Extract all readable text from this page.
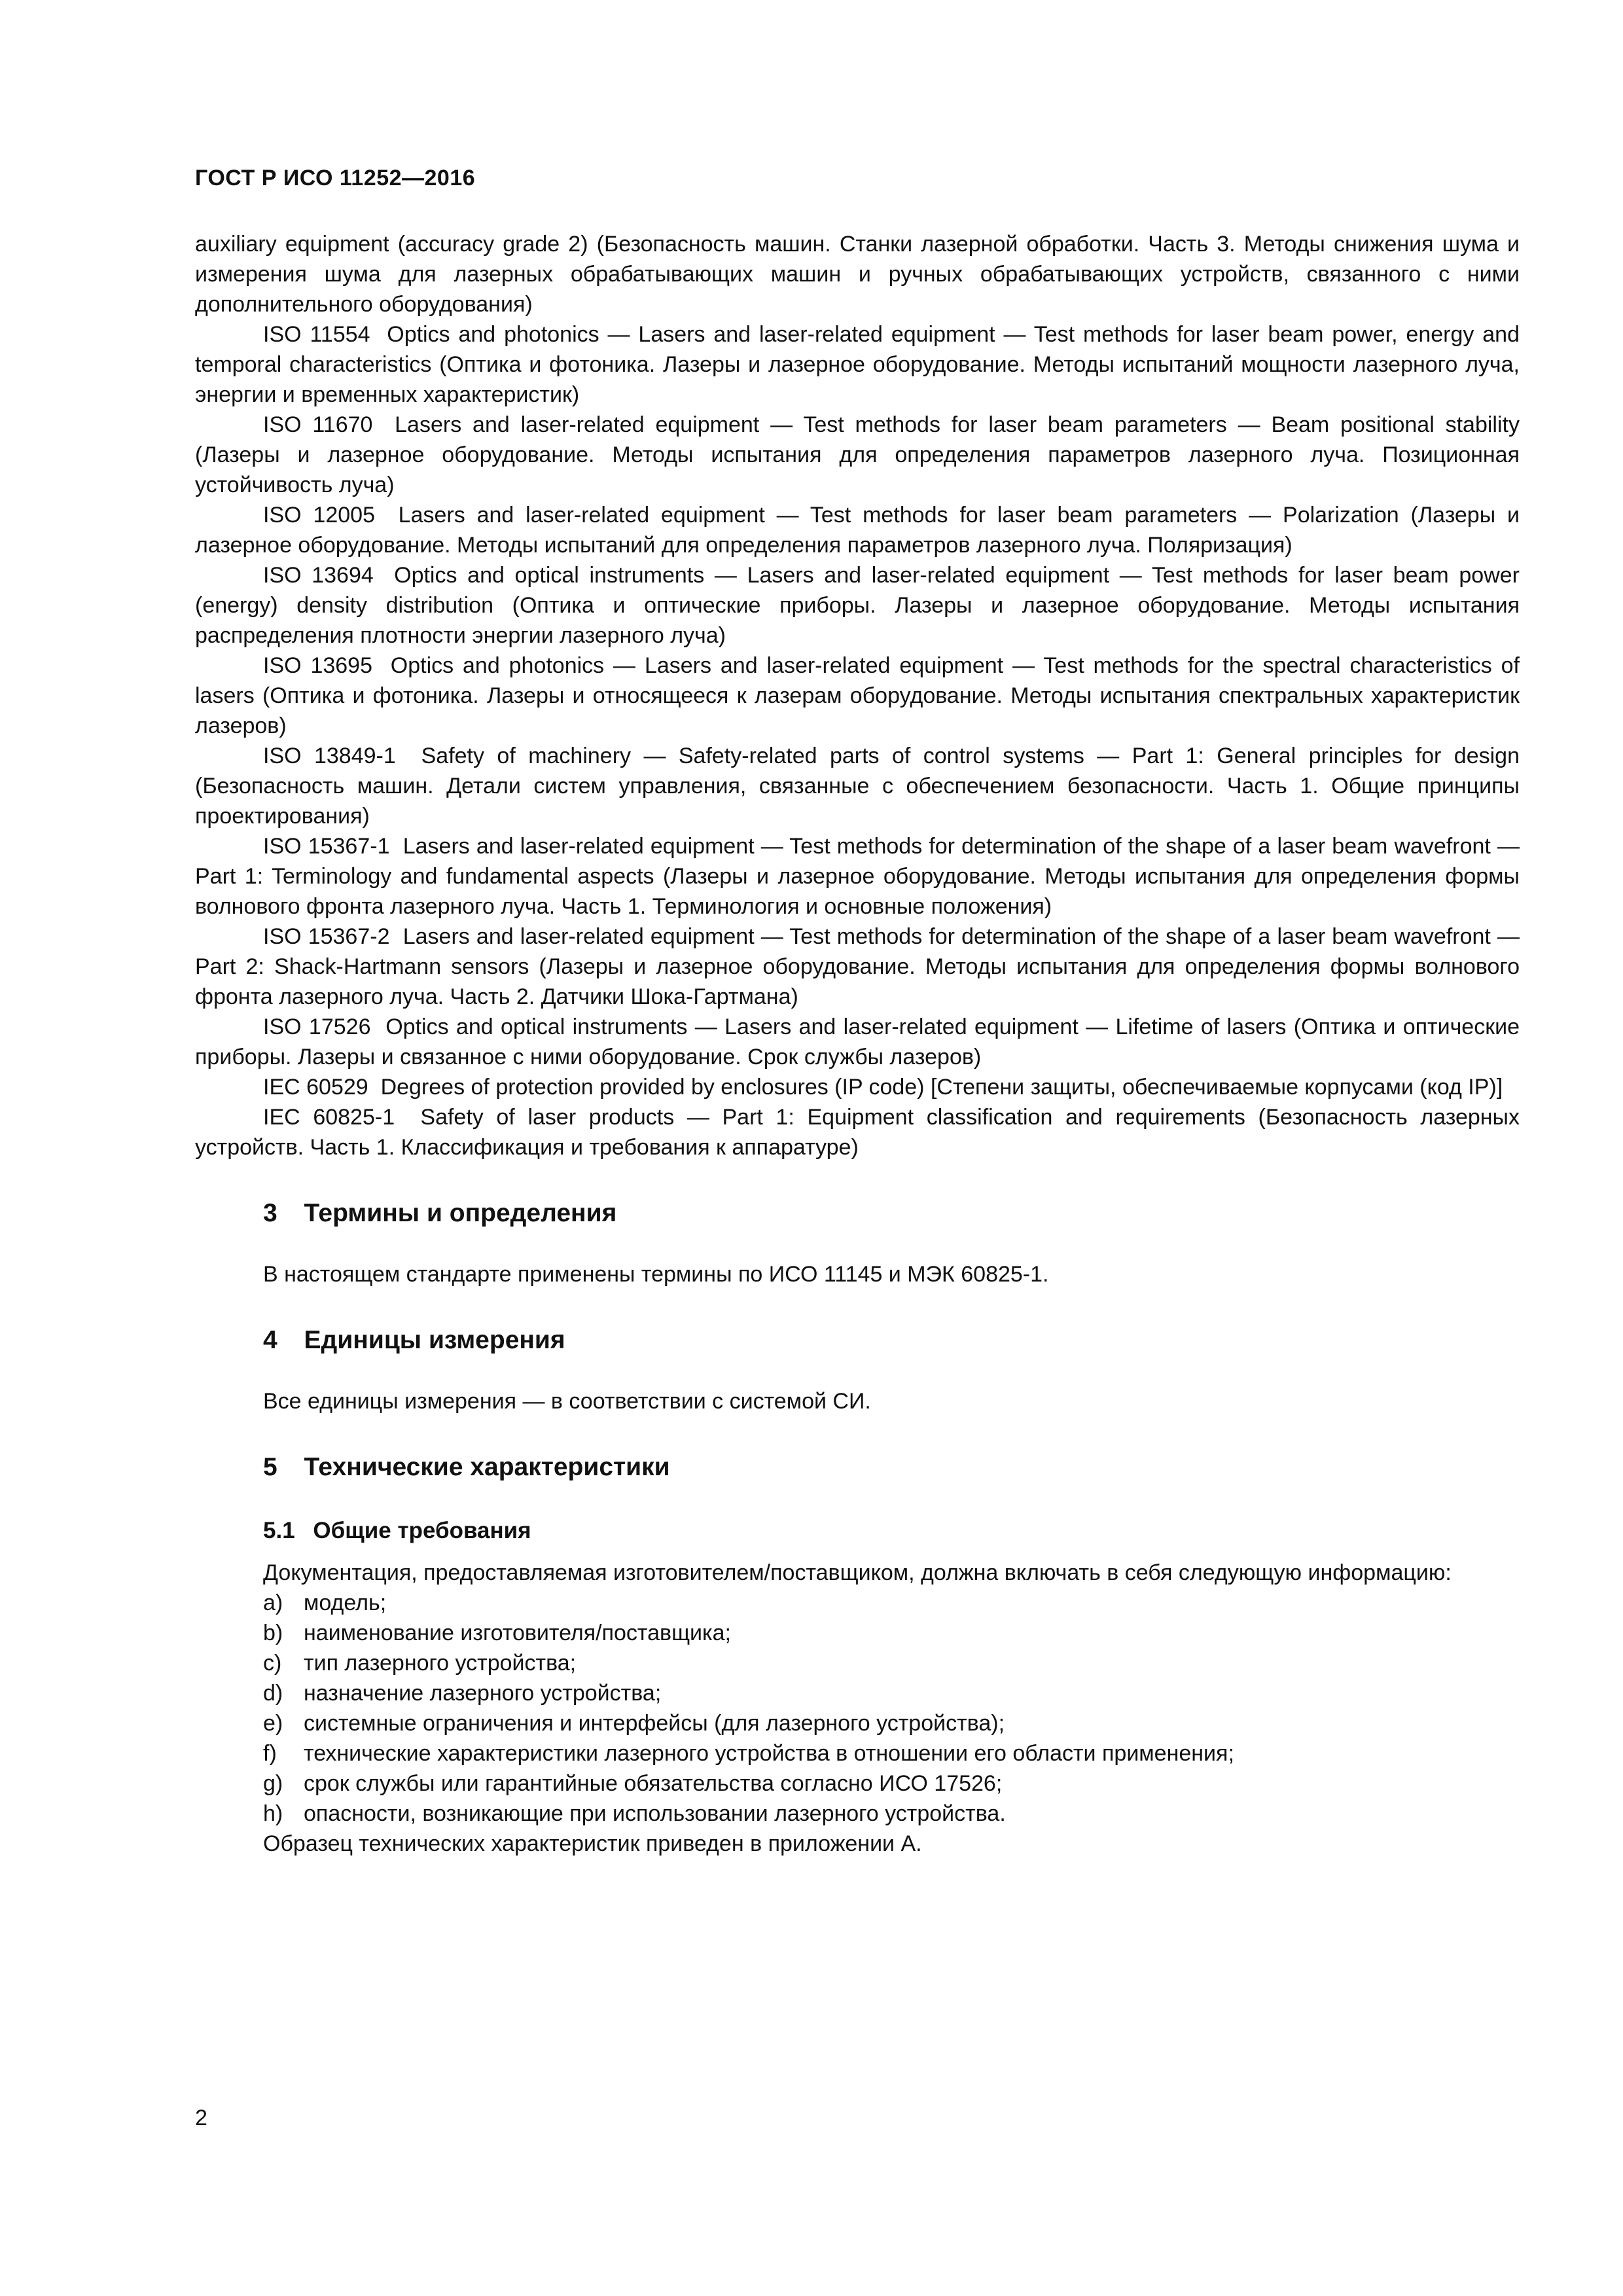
ГОСТ Р ИСО 11252—2016

auxiliary equipment (accuracy grade 2) (Безопасность машин. Станки лазерной обработки. Часть 3. Методы снижения шума и измерения шума для лазерных обрабатывающих машин и ручных обрабатывающих устройств, связанного с ними дополнительного оборудования)

ISO 11554  Optics and photonics — Lasers and laser-related equipment — Test methods for laser beam power, energy and temporal characteristics (Оптика и фотоника. Лазеры и лазерное оборудование. Методы испытаний мощности лазерного луча, энергии и временных характеристик)

ISO 11670  Lasers and laser-related equipment — Test methods for laser beam parameters — Beam positional stability (Лазеры и лазерное оборудование. Методы испытания для определения параметров лазерного луча. Позиционная устойчивость луча)

ISO 12005  Lasers and laser-related equipment — Test methods for laser beam parameters — Polarization (Лазеры и лазерное оборудование. Методы испытаний для определения параметров лазерного луча. Поляризация)

ISO 13694  Optics and optical instruments — Lasers and laser-related equipment — Test methods for laser beam power (energy) density distribution (Оптика и оптические приборы. Лазеры и лазерное оборудование. Методы испытания распределения плотности энергии лазерного луча)

ISO 13695  Optics and photonics — Lasers and laser-related equipment — Test methods for the spectral characteristics of lasers (Оптика и фотоника. Лазеры и относящееся к лазерам оборудование. Методы испытания спектральных характеристик лазеров)

ISO 13849-1  Safety of machinery — Safety-related parts of control systems — Part 1: General principles for design (Безопасность машин. Детали систем управления, связанные с обеспечением безопасности. Часть 1. Общие принципы проектирования)

ISO 15367-1  Lasers and laser-related equipment — Test methods for determination of the shape of a laser beam wavefront — Part 1: Terminology and fundamental aspects (Лазеры и лазерное оборудование. Методы испытания для определения формы волнового фронта лазерного луча. Часть 1. Терминология и основные положения)

ISO 15367-2  Lasers and laser-related equipment — Test methods for determination of the shape of a laser beam wavefront — Part 2: Shack-Hartmann sensors (Лазеры и лазерное оборудование. Методы испытания для определения формы волнового фронта лазерного луча. Часть 2. Датчики Шока-Гартмана)

ISO 17526  Optics and optical instruments — Lasers and laser-related equipment — Lifetime of lasers (Оптика и оптические приборы. Лазеры и связанное с ними оборудование. Срок службы лазеров)

IEC 60529  Degrees of protection provided by enclosures (IP code) [Степени защиты, обеспечиваемые корпусами (код IP)]

IEC 60825-1  Safety of laser products — Part 1: Equipment classification and requirements (Безопасность лазерных устройств. Часть 1. Классификация и требования к аппаратуре)

3 Термины и определения

В настоящем стандарте применены термины по ИСО 11145 и МЭК 60825-1.

4 Единицы измерения

Все единицы измерения — в соответствии с системой СИ.

5 Технические характеристики
5.1 Общие требования

Документация, предоставляемая изготовителем/поставщиком, должна включать в себя следующую информацию:

a) модель;

b) наименование изготовителя/поставщика;

c) тип лазерного устройства;

d) назначение лазерного устройства;

e) системные ограничения и интерфейсы (для лазерного устройства);

f) технические характеристики лазерного устройства в отношении его области применения;

g) срок службы или гарантийные обязательства согласно ИСО 17526;

h) опасности, возникающие при использовании лазерного устройства.

Образец технических характеристик приведен в приложении А.

2
